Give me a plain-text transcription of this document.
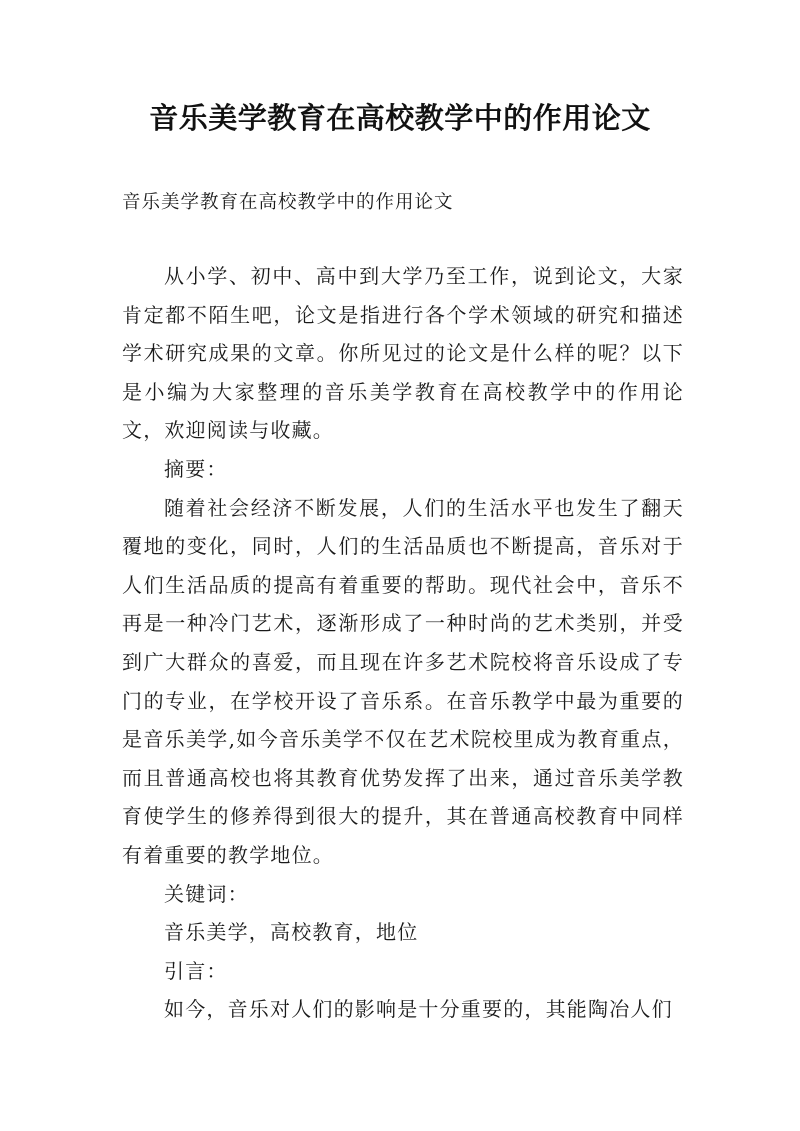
音乐美学教育在高校教学中的作用论文
音乐美学教育在高校教学中的作用论文

从小学、初中、高中到大学乃至工作，说到论文，大家肯定都不陌生吧，论文是指进行各个学术领域的研究和描述学术研究成果的文章。你所见过的论文是什么样的呢？以下是小编为大家整理的音乐美学教育在高校教学中的作用论文，欢迎阅读与收藏。

摘要：

随着社会经济不断发展，人们的生活水平也发生了翻天覆地的变化，同时，人们的生活品质也不断提高，音乐对于人们生活品质的提高有着重要的帮助。现代社会中，音乐不再是一种冷门艺术，逐渐形成了一种时尚的艺术类别，并受到广大群众的喜爱，而且现在许多艺术院校将音乐设成了专门的专业，在学校开设了音乐系。在音乐教学中最为重要的是音乐美学,如今音乐美学不仅在艺术院校里成为教育重点，而且普通高校也将其教育优势发挥了出来，通过音乐美学教育使学生的修养得到很大的提升，其在普通高校教育中同样有着重要的教学地位。

关键词：

音乐美学，高校教育，地位

引言：

如今，音乐对人们的影响是十分重要的，其能陶冶人们
